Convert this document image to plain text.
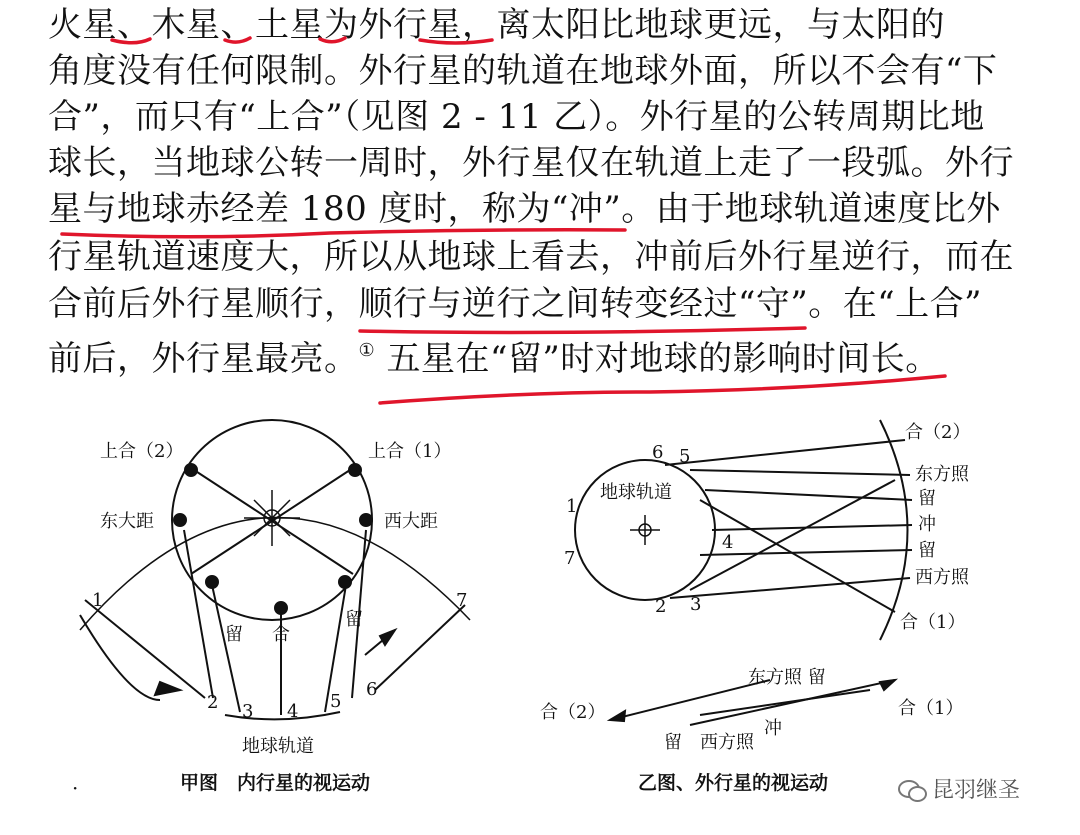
火星、木星、土星为外行星，离太阳比地球更远，与太阳的
角度没有任何限制。外行星的轨道在地球外面，所以不会有“下
合”，而只有“上合”（见图 2 - 11 乙）。外行星的公转周期比地
球长，当地球公转一周时，外行星仅在轨道上走了一段弧。外行
星与地球赤经差 180 度时，称为“冲”。由于地球轨道速度比外
行星轨道速度大，所以从地球上看去，冲前后外行星逆行，而在
合前后外行星顺行，顺行与逆行之间转变经过“守”。在“上合”
前后，外行星最亮。① 五星在“留”时对地球的影响时间长。
上合（2）	上合（1）
东大距	西大距
留
留
合
地球轨道
1
2 3 4 5
6
7
地球轨道
合（2）
东方照
留
冲
留
西方照
合（1）
1
2 3
4
5
6
7
合（2）
东方照 留
留　西方照
冲
合（1）
甲图　内行星的视运动	乙图、外行星的视运动
·	昆羽继圣
